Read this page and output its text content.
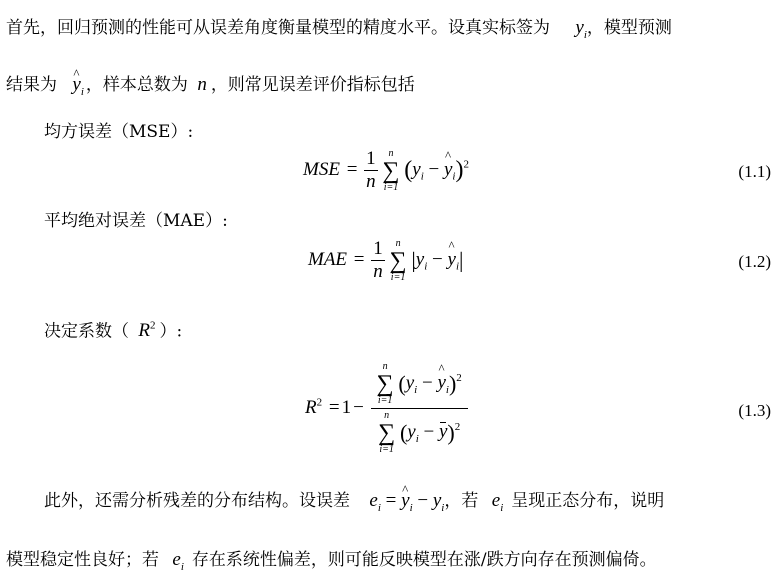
首先，回归预测的性能可从误差角度衡量模型的精度水平。设真实标签为 $y_i$，模型预测
结果为 ^ $y_i$ ，样本总数为 n ，则常见误差评价指标包括
均方误差（MSE）:
MSE = $\frac{1}{n}$
	n
∑
i=1
($y_i$ − ^ $y_i)^2$	(1.1)
平均绝对误差（MAE）:
MAE = $\frac{1}{n}$
	n
∑
i=1
$|y_i$ − ^ $y_i|$	(1.2)
决定系数（ $R^2$ ）:
$R^2 = 1 - n$
∑
i=1
($y_i$ − ^ $y_i)^2$
n
∑
i=1
$(y_i - y)^2$	(1.3)
此外，还需分析残差的分布结构。设误差 $e_i$ = ^ $y_i - y_i$，若 $e_i$ 呈现正态分布，说明
模型稳定性良好；若 $e_i$ 存在系统性偏差，则可能反映模型在涨/跌方向存在预测偏倚。
